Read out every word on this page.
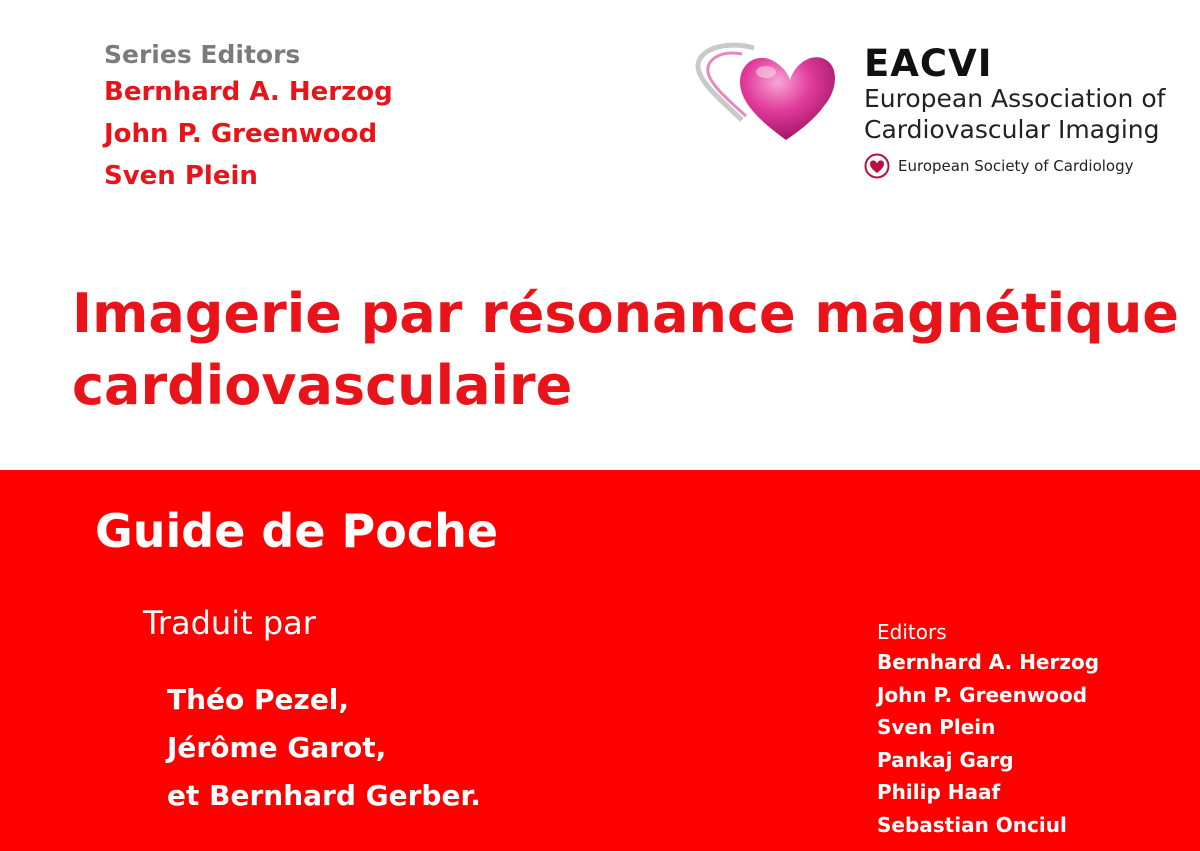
Series Editors
Bernhard A. Herzog
John P. Greenwood
Sven Plein
EACVI
European Association of
Cardiovascular Imaging
European Society of Cardiology
Imagerie par résonance magnétique
cardiovasculaire
Guide de Poche
Traduit par
Théo Pezel,
Jérôme Garot,
et Bernhard Gerber.
Editors
Bernhard A. Herzog
John P. Greenwood
Sven Plein
Pankaj Garg
Philip Haaf
Sebastian Onciul
